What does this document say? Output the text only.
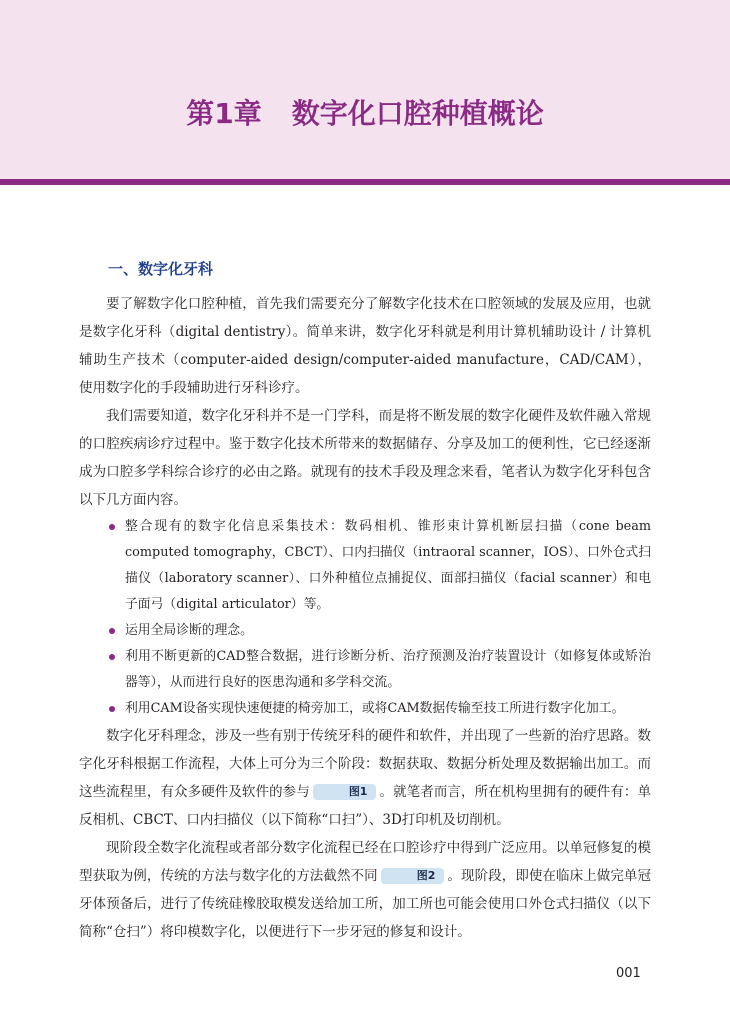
第1章 数字化口腔种植概论
一、数字化牙科

要了解数字化口腔种植，首先我们需要充分了解数字化技术在口腔领域的发展及应用，也就是数字化牙科（digital dentistry）。简单来讲，数字化牙科就是利用计算机辅助设计 / 计算机辅助生产技术（computer-aided design/computer-aided manufacture，CAD/CAM），使用数字化的手段辅助进行牙科诊疗。

我们需要知道，数字化牙科并不是一门学科，而是将不断发展的数字化硬件及软件融入常规的口腔疾病诊疗过程中。鉴于数字化技术所带来的数据储存、分享及加工的便利性，它已经逐渐成为口腔多学科综合诊疗的必由之路。就现有的技术手段及理念来看，笔者认为数字化牙科包含以下几方面内容。

整合现有的数字化信息采集技术：数码相机、锥形束计算机断层扫描（cone beam computed tomography，CBCT）、口内扫描仪（intraoral scanner，IOS）、口外仓式扫描仪（laboratory scanner）、口外种植位点捕捉仪、面部扫描仪（facial scanner）和电子面弓（digital articulator）等。
运用全局诊断的理念。
利用不断更新的CAD整合数据，进行诊断分析、治疗预测及治疗装置设计（如修复体或矫治器等），从而进行良好的医患沟通和多学科交流。
利用CAM设备实现快速便捷的椅旁加工，或将CAM数据传输至技工所进行数字化加工。

数字化牙科理念，涉及一些有别于传统牙科的硬件和软件，并出现了一些新的治疗思路。数字化牙科根据工作流程，大体上可分为三个阶段：数据获取、数据分析处理及数据输出加工。而这些流程里，有众多硬件及软件的参与	图1 。就笔者而言，所在机构里拥有的硬件有：单反相机、CBCT、口内扫描仪（以下简称“口扫”）、3D打印机及切削机。

现阶段全数字化流程或者部分数字化流程已经在口腔诊疗中得到广泛应用。以单冠修复的模型获取为例，传统的方法与数字化的方法截然不同	图2 。现阶段，即使在临床上做完单冠牙体预备后，进行了传统硅橡胶取模发送给加工所，加工所也可能会使用口外仓式扫描仪（以下简称“仓扫”）将印模数字化，以便进行下一步牙冠的修复和设计。

001
